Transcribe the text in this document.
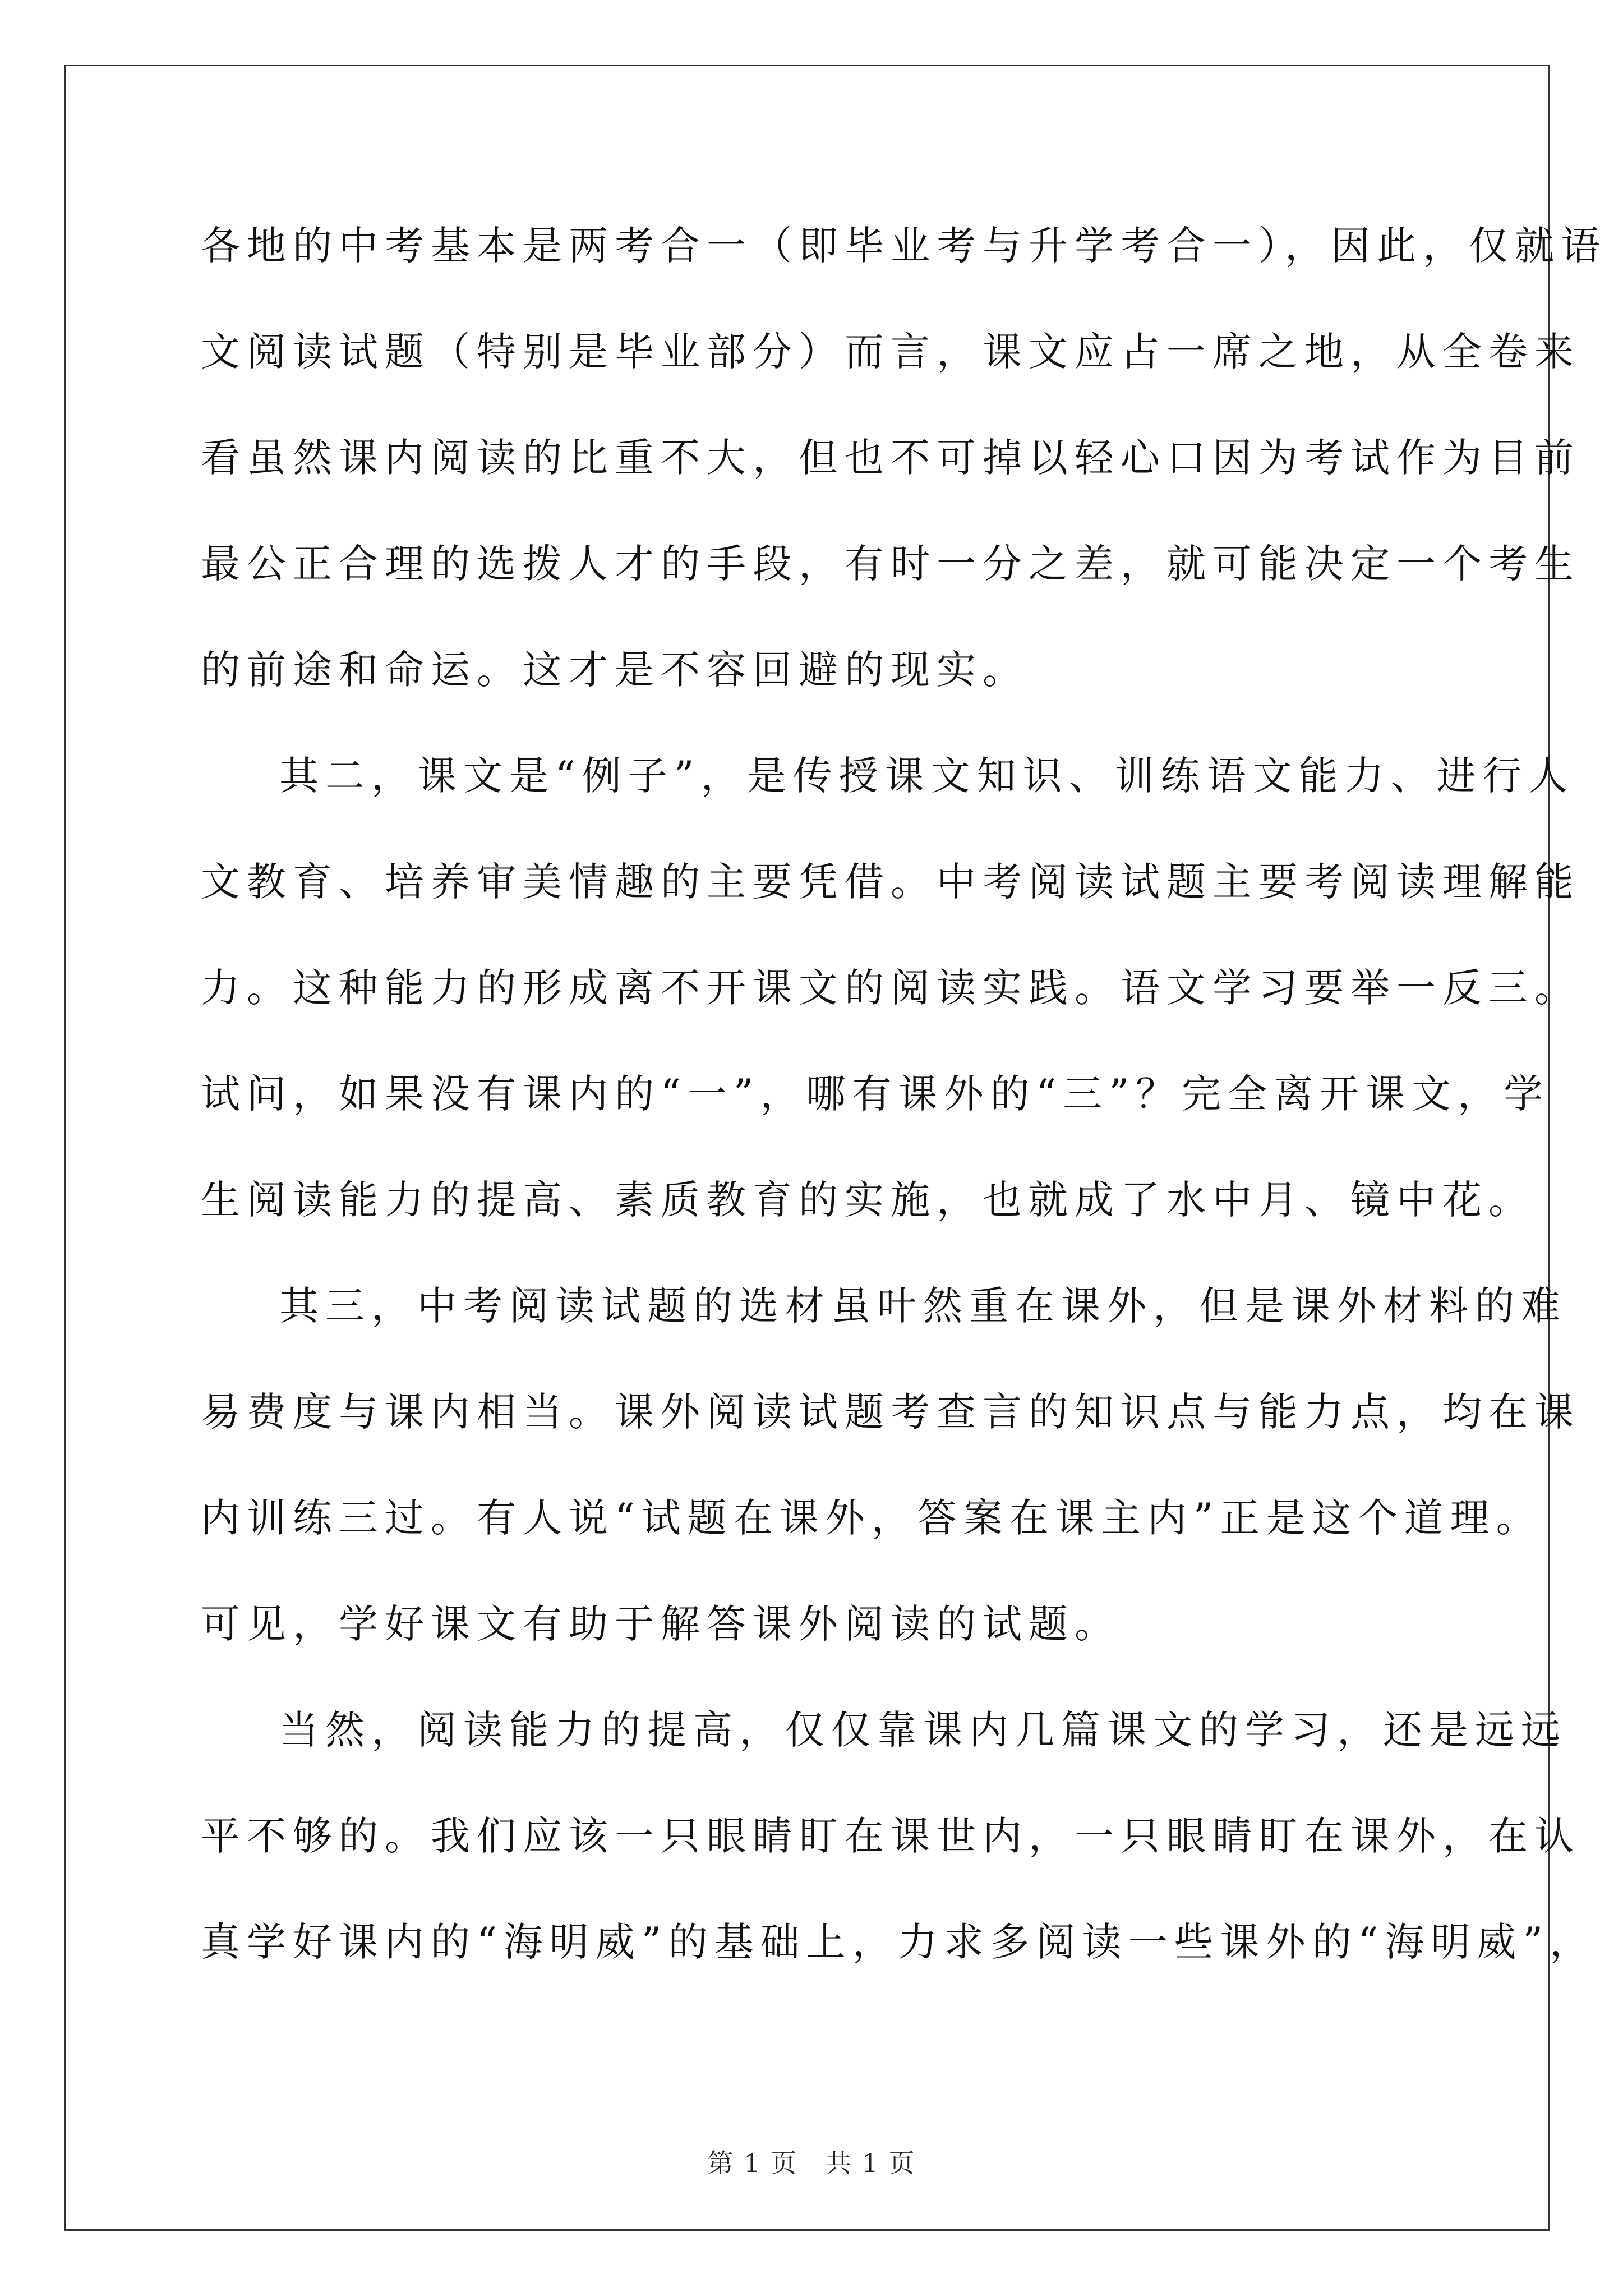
各地的中考基本是两考合一（即毕业考与升学考合一），因此，仅就语
文阅读试题（特别是毕业部分）而言，课文应占一席之地，从全卷来
看虽然课内阅读的比重不大，但也不可掉以轻心口因为考试作为目前
最公正合理的选拨人才的手段，有时一分之差，就可能决定一个考生
的前途和命运。这才是不容回避的现实。
其二，课文是“例子”，是传授课文知识、训练语文能力、进行人
文教育、培养审美情趣的主要凭借。中考阅读试题主要考阅读理解能
力。这种能力的形成离不开课文的阅读实践。语文学习要举一反三。
试问，如果没有课内的“一”，哪有课外的“三”？完全离开课文，学
生阅读能力的提高、素质教育的实施，也就成了水中月、镜中花。
其三，中考阅读试题的选材虽叶然重在课外，但是课外材料的难
易费度与课内相当。课外阅读试题考查言的知识点与能力点，均在课
内训练三过。有人说“试题在课外，答案在课主内”正是这个道理。
可见，学好课文有助于解答课外阅读的试题。
当然，阅读能力的提高，仅仅靠课内几篇课文的学习，还是远远
平不够的。我们应该一只眼睛盯在课世内，一只眼睛盯在课外，在认
真学好课内的“海明威”的基础上，力求多阅读一些课外的“海明威”，
第 1 页 共 1 页
